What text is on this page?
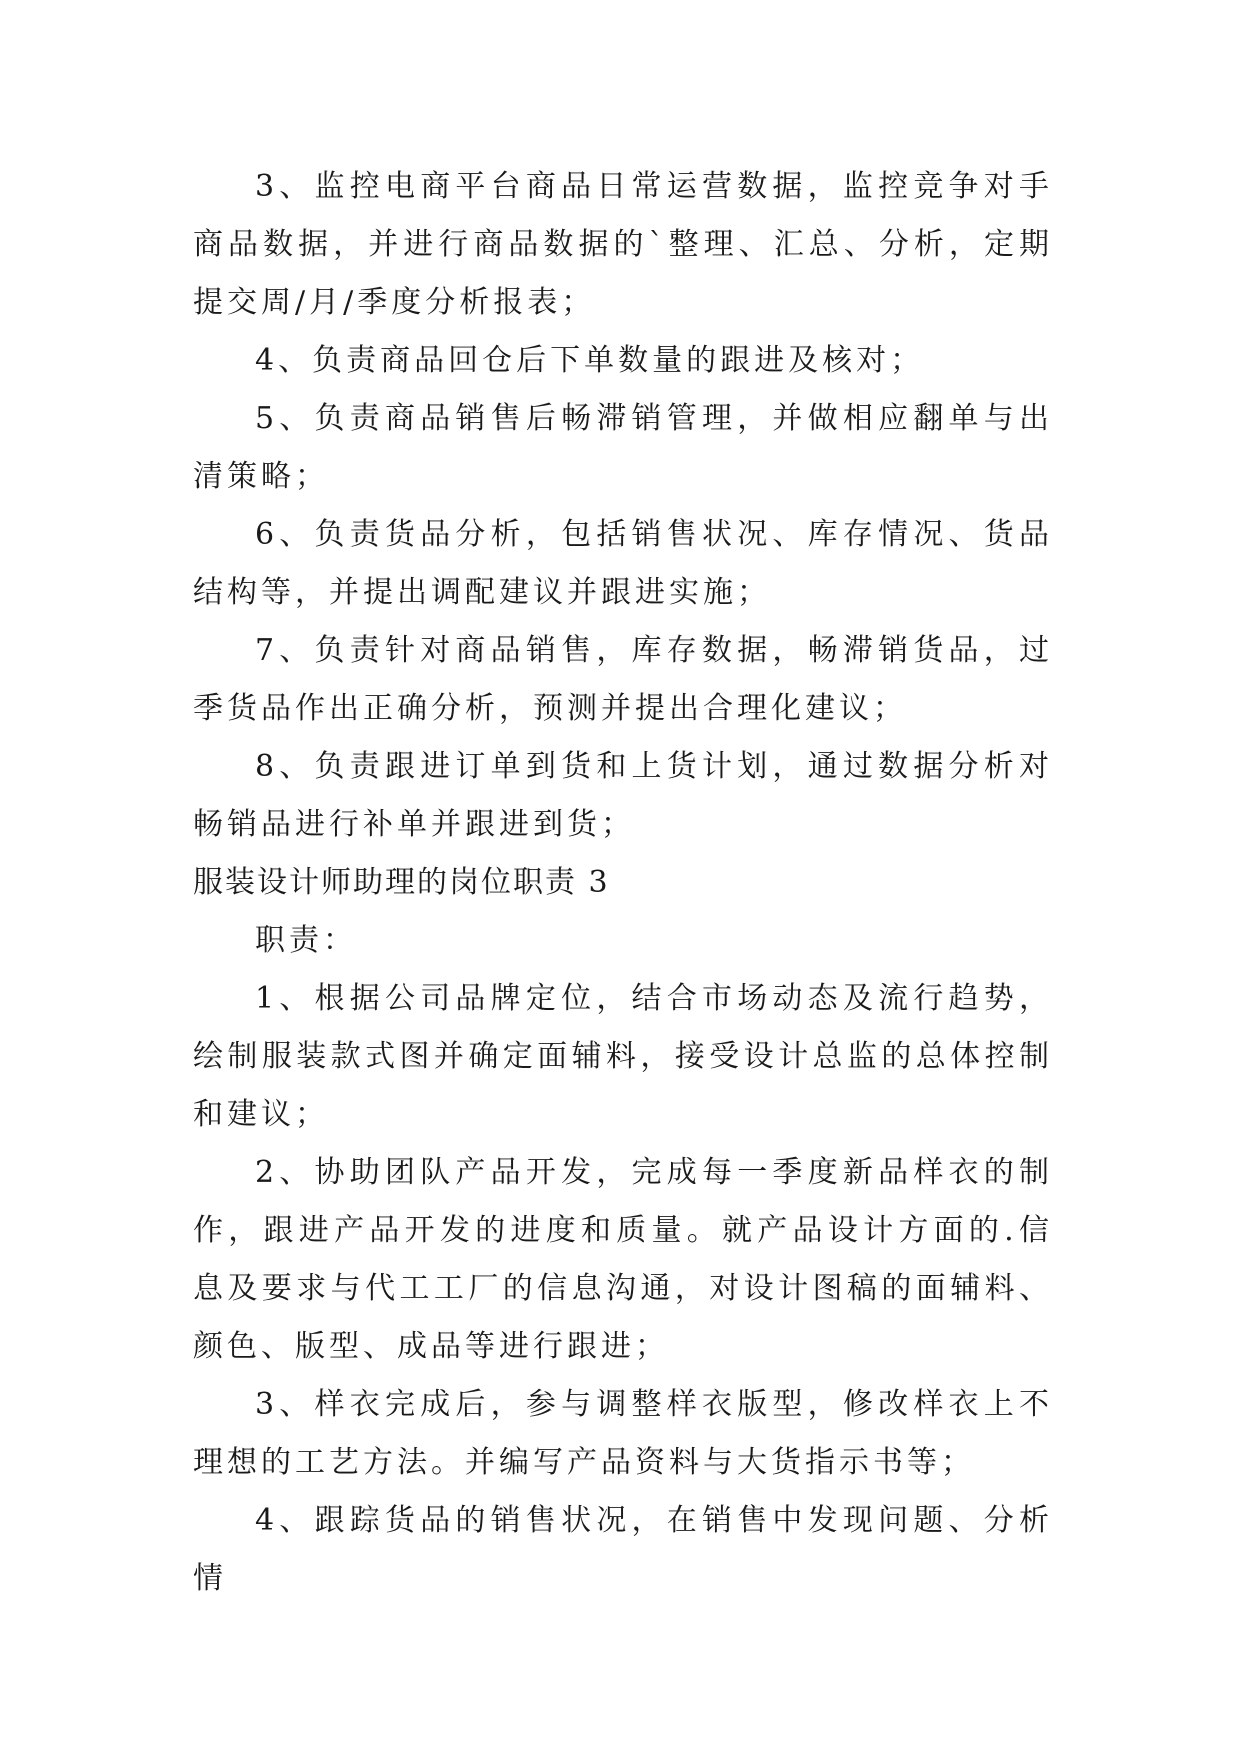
3、监控电商平台商品日常运营数据，监控竞争对手商品数据，并进行商品数据的`整理、汇总、分析，定期提交周/月/季度分析报表；

4、负责商品回仓后下单数量的跟进及核对；

5、负责商品销售后畅滞销管理，并做相应翻单与出清策略；

6、负责货品分析，包括销售状况、库存情况、货品结构等，并提出调配建议并跟进实施；

7、负责针对商品销售，库存数据，畅滞销货品，过季货品作出正确分析，预测并提出合理化建议；

8、负责跟进订单到货和上货计划，通过数据分析对畅销品进行补单并跟进到货；

服装设计师助理的岗位职责 3

职责：

1、根据公司品牌定位，结合市场动态及流行趋势，绘制服装款式图并确定面辅料，接受设计总监的总体控制和建议；

2、协助团队产品开发，完成每一季度新品样衣的制作，跟进产品开发的进度和质量。就产品设计方面的.信息及要求与代工工厂的信息沟通，对设计图稿的面辅料、颜色、版型、成品等进行跟进；

3、样衣完成后，参与调整样衣版型，修改样衣上不理想的工艺方法。并编写产品资料与大货指示书等；

4、跟踪货品的销售状况，在销售中发现问题、分析情
